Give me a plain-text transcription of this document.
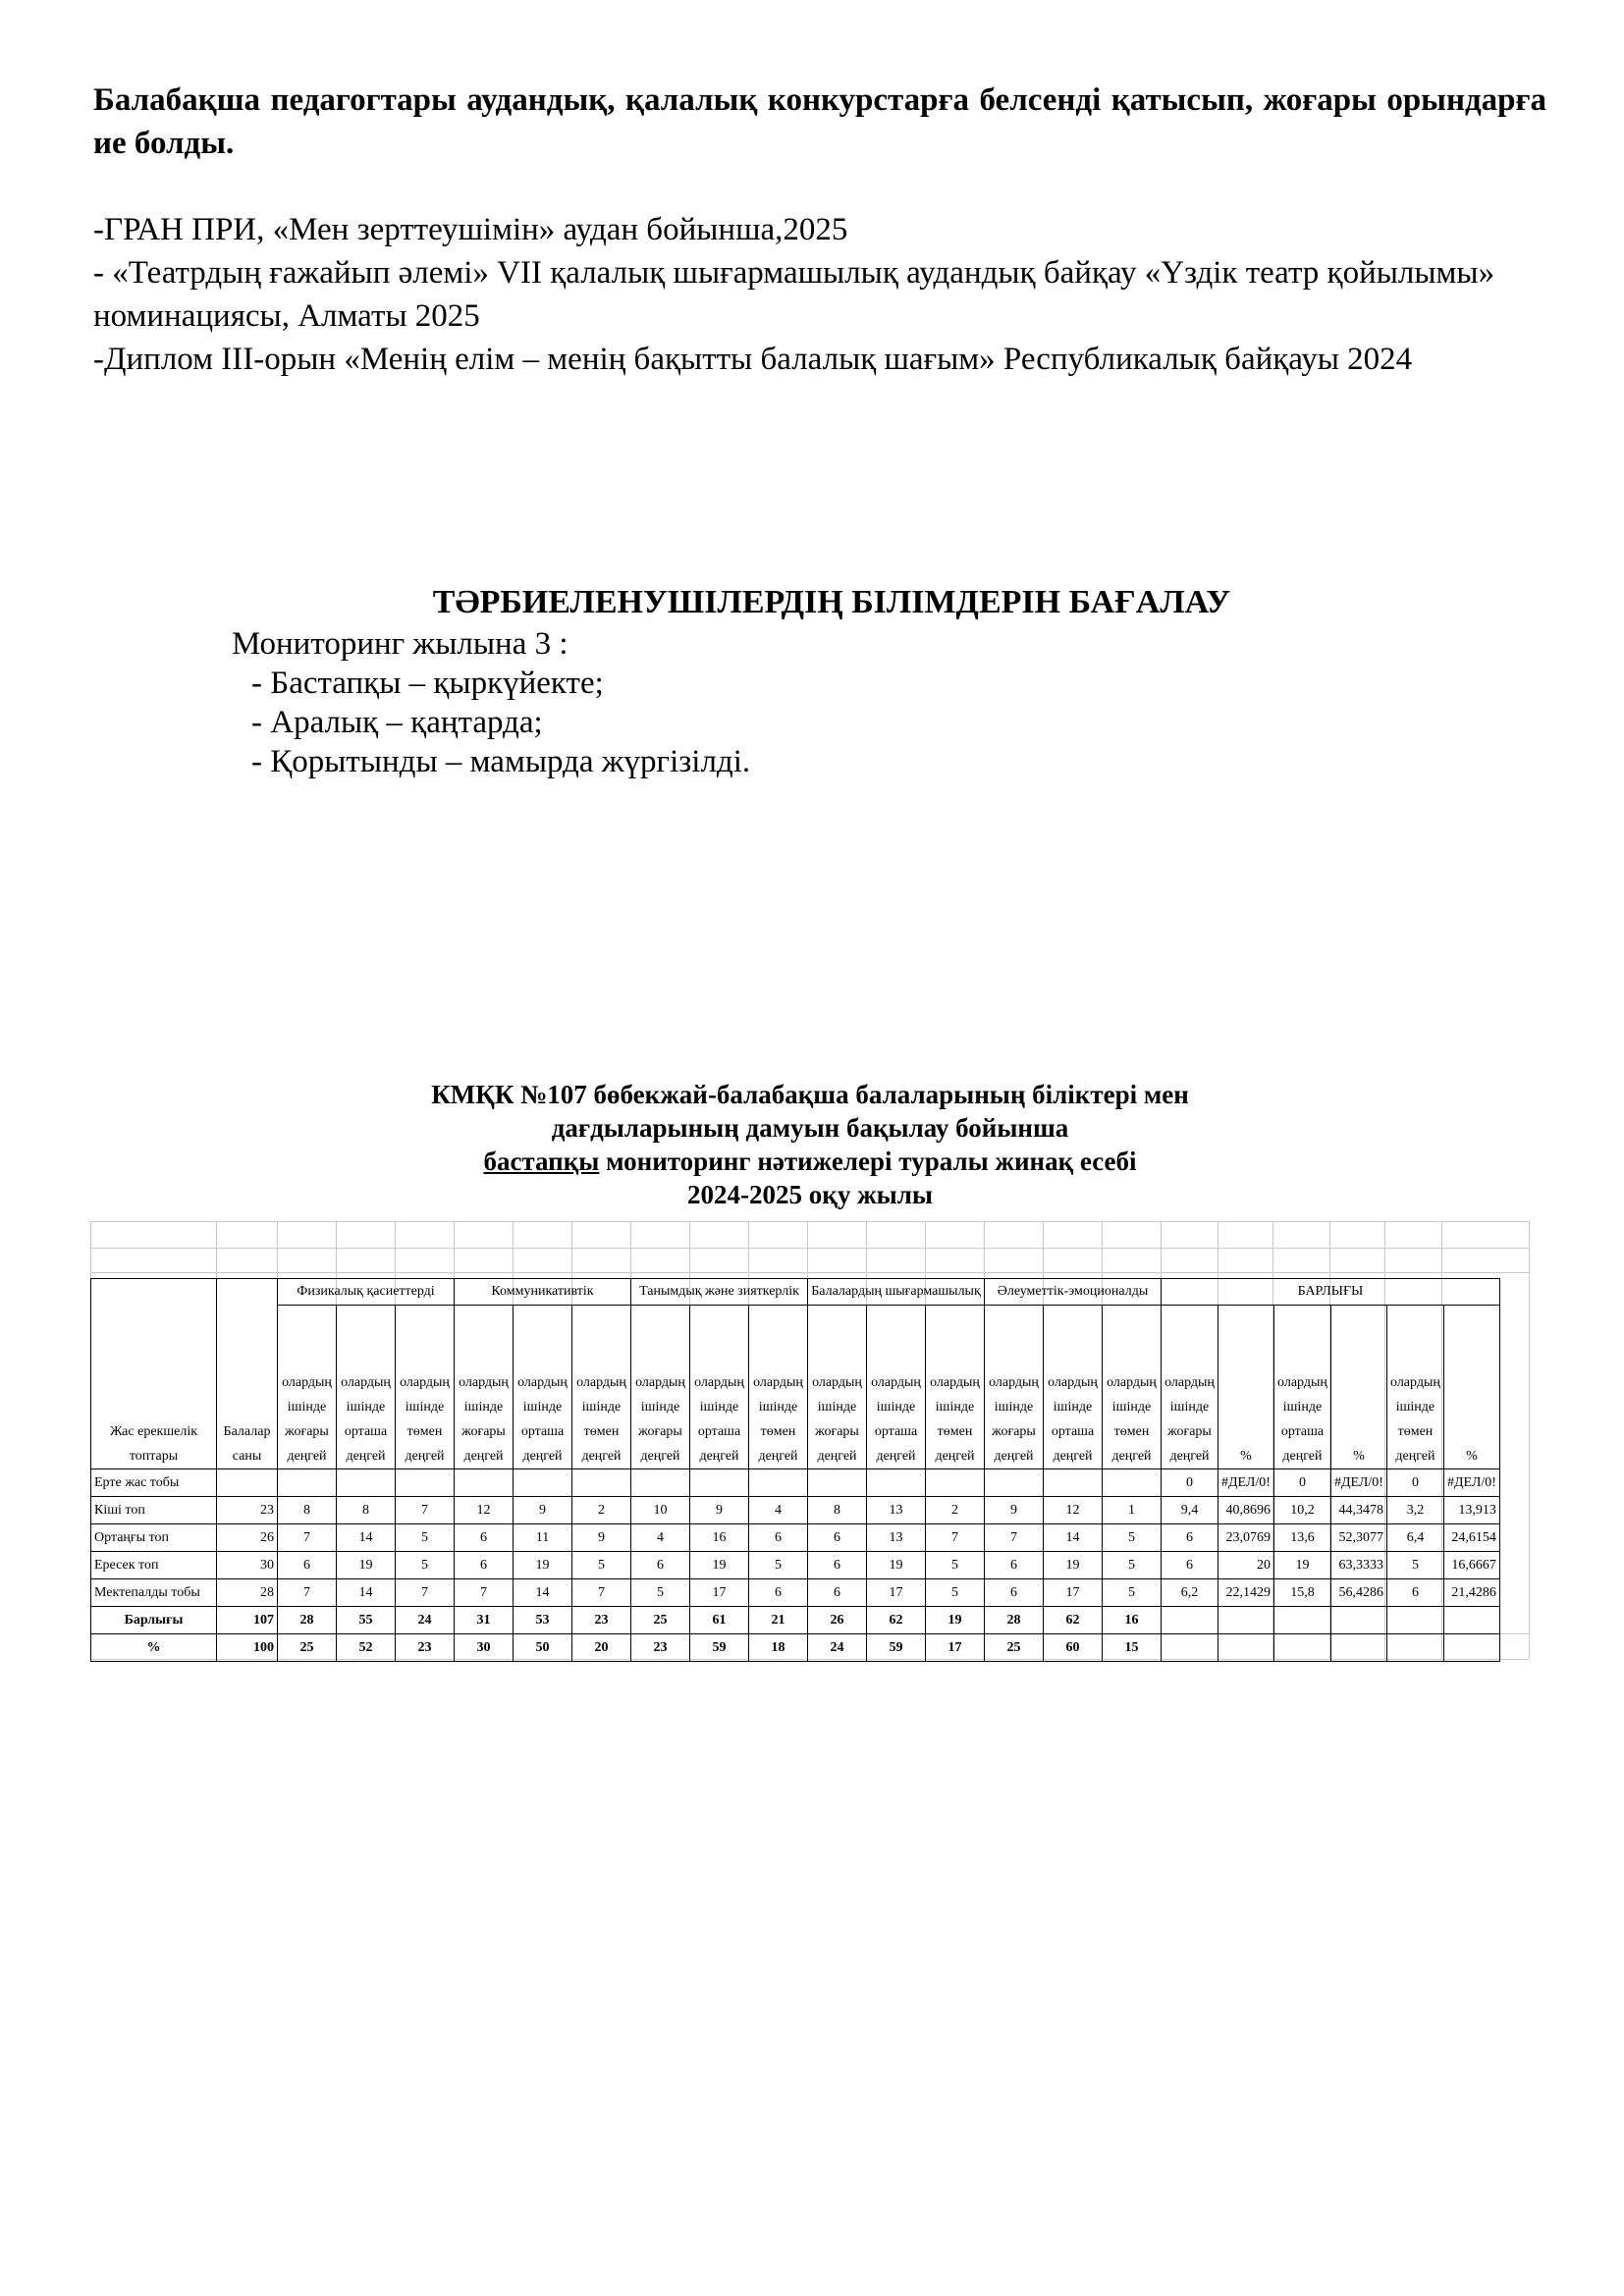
Балабақша педагогтары аудандық, қалалық конкурстарға белсенді қатысып, жоғары орындарға ие болды.

-ГРАН ПРИ, «Мен зерттеушімін» аудан бойынша,2025

- «Театрдың ғажайып әлемі» VII қалалық шығармашылық аудандық байқау «Үздік театр қойылымы» номинациясы, Алматы 2025

-Диплом III-орын «Менің елім – менің бақытты балалық шағым» Республикалық байқауы 2024

ТӘРБИЕЛЕНУШІЛЕРДІҢ БІЛІМДЕРІН БАҒАЛАУ
Мониторинг жылына 3 :
- Бастапқы – қыркүйекте;
- Аралық – қаңтарда;
- Қорытынды – мамырда жүргізілді.
КМҚК №107 бөбекжай-балабақша балаларының біліктері мен
дағдыларының дамуын бақылау бойынша
бастапқы мониторинг нәтижелері туралы жинақ есебі
2024-2025 оқу жылы
Жас ерекшелік топтары	Балалар саны	Физикалық қасиеттерді			Коммуникативтік			Танымдық және зияткерлік			Балалардың шығармашылық			Әлеуметтік-эмоционалды			БАРЛЫҒЫ					
		олардың ішінде жоғары деңгей	олардың ішінде орташа деңгей	олардың ішінде төмен деңгей	олардың ішінде жоғары деңгей	олардың ішінде орташа деңгей	олардың ішінде төмен деңгей	олардың ішінде жоғары деңгей	олардың ішінде орташа деңгей	олардың ішінде төмен деңгей	олардың ішінде жоғары деңгей	олардың ішінде орташа деңгей	олардың ішінде төмен деңгей	олардың ішінде жоғары деңгей	олардың ішінде орташа деңгей	олардың ішінде төмен деңгей	олардың ішінде жоғары деңгей	%	олардың ішінде орташа деңгей	%	олардың ішінде төмен деңгей	%
Ерте жас тобы																	0	#ДЕЛ/0!	0	#ДЕЛ/0!	0	#ДЕЛ/0!
Кіші топ	23	8	8	7	12	9	2	10	9	4	8	13	2	9	12	1	9,4	40,8696	10,2	44,3478	3,2	13,913
Ортаңғы топ	26	7	14	5	6	11	9	4	16	6	6	13	7	7	14	5	6	23,0769	13,6	52,3077	6,4	24,6154
Ересек топ	30	6	19	5	6	19	5	6	19	5	6	19	5	6	19	5	6	20	19	63,3333	5	16,6667
Мектепалды тобы	28	7	14	7	7	14	7	5	17	6	6	17	5	6	17	5	6,2	22,1429	15,8	56,4286	6	21,4286
Барлығы	107	28	55	24	31	53	23	25	61	21	26	62	19	28	62	16						
%	100	25	52	23	30	50	20	23	59	18	24	59	17	25	60	15						
